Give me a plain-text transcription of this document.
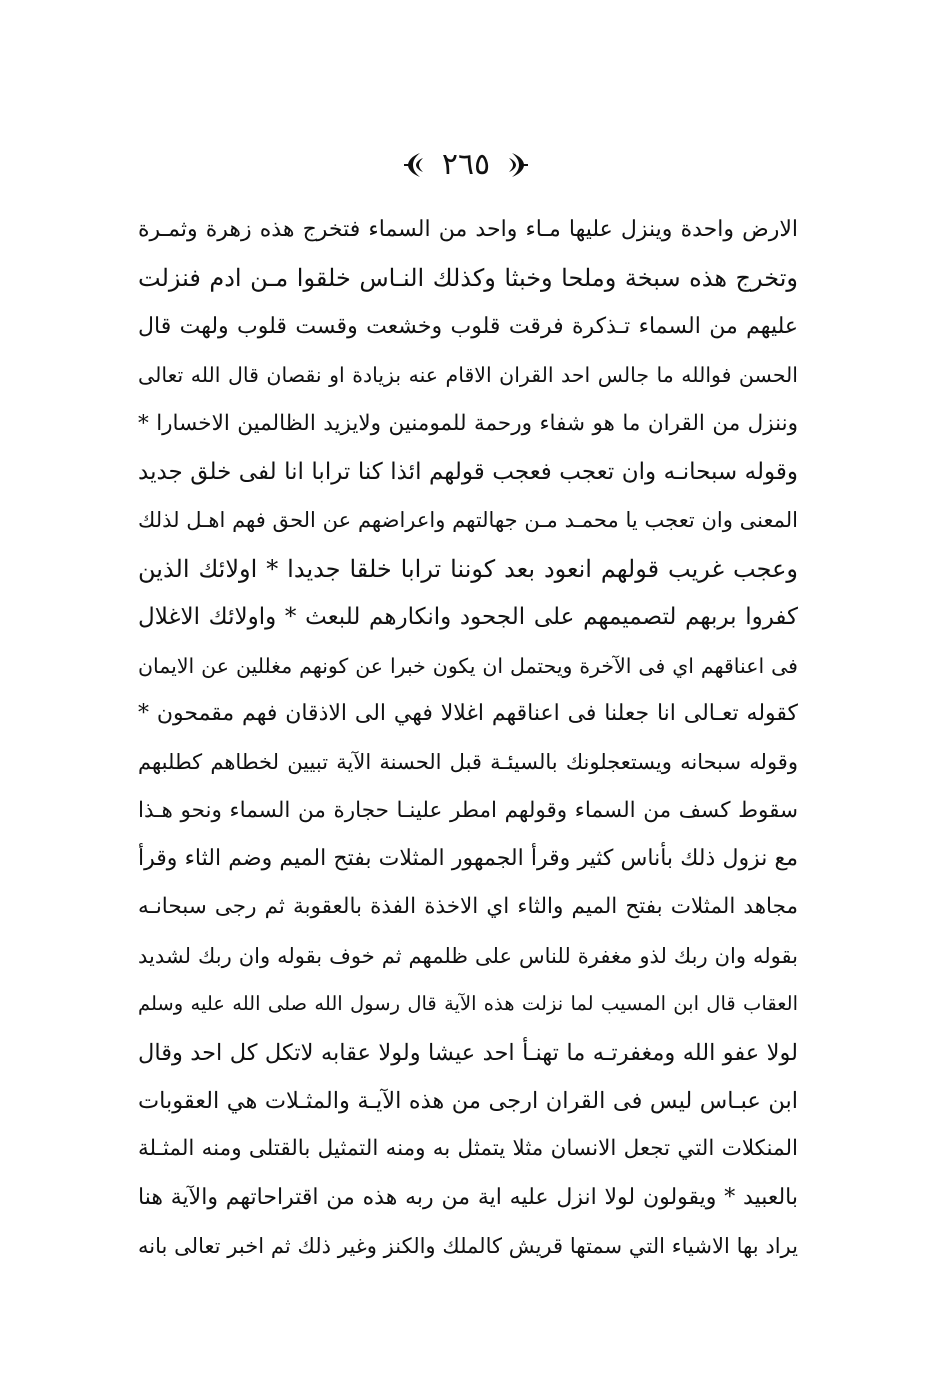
٢٦٥
الارض واحدة وينزل عليها مـاء واحد من السماء فتخرج هذه زهرة وثمـرة
وتخرج هذه سبخة وملحا وخبثا وكذلك النـاس خلقوا مـن ادم فنزلت
عليهم من السماء تـذكرة فرقت قلوب وخشعت وقست قلوب ولهت قال
الحسن فوالله ما جالس احد القران الاقام عنه بزيادة او نقصان قال الله تعالى
وننزل من القران ما هو شفاء ورحمة للمومنين ولايزيد الظالمين الاخسارا *
وقوله سبحانـه وان تعجب فعجب قولهم ائذا كنا ترابا انا لفى خلق جديد
المعنى وان تعجب يا محمـد مـن جهالتهم واعراضهم عن الحق فهم اهـل لذلك
وعجب غريب قولهم انعود بعد كوننا ترابا خلقا جديدا * اولائك الذين
كفروا بربهم لتصميمهم على الجحود وانكارهم للبعث * واولائك الاغلال
فى اعناقهم اي فى الآخرة ويحتمل ان يكون خبرا عن كونهم مغللين عن الايمان
كقوله تعـالى انا جعلنا فى اعناقهم اغلالا فهي الى الاذقان فهم مقمحون *
وقوله سبحانه ويستعجلونك بالسيئـة قبل الحسنة الآية تبيين لخطاهم كطلبهم
سقوط كسف من السماء وقولهم امطر علينـا حجارة من السماء ونحو هـذا
مع نزول ذلك بأناس كثير وقرأ الجمهور المثلات بفتح الميم وضم الثاء وقرأ
مجاهد المثلات بفتح الميم والثاء اي الاخذة الفذة بالعقوبة ثم رجى سبحانـه
بقوله وان ربك لذو مغفرة للناس على ظلمهم ثم خوف بقوله وان ربك لشديد
العقاب قال ابن المسيب لما نزلت هذه الآية قال رسول الله صلى الله عليه وسلم
لولا عفو الله ومغفرتـه ما تهنـأ احد عيشا ولولا عقابه لاتكل كل احد وقال
ابن عبـاس ليس فى القران ارجى من هذه الآيـة والمثـلات هي العقوبات
المنكلات التي تجعل الانسان مثلا يتمثل به ومنه التمثيل بالقتلى ومنه المثـلة
بالعبيد * ويقولون لولا انزل عليه اية من ربه هذه من اقتراحاتهم والآية هنا
يراد بها الاشياء التي سمتها قريش كالملك والكنز وغير ذلك ثم اخبر تعالى بانه
